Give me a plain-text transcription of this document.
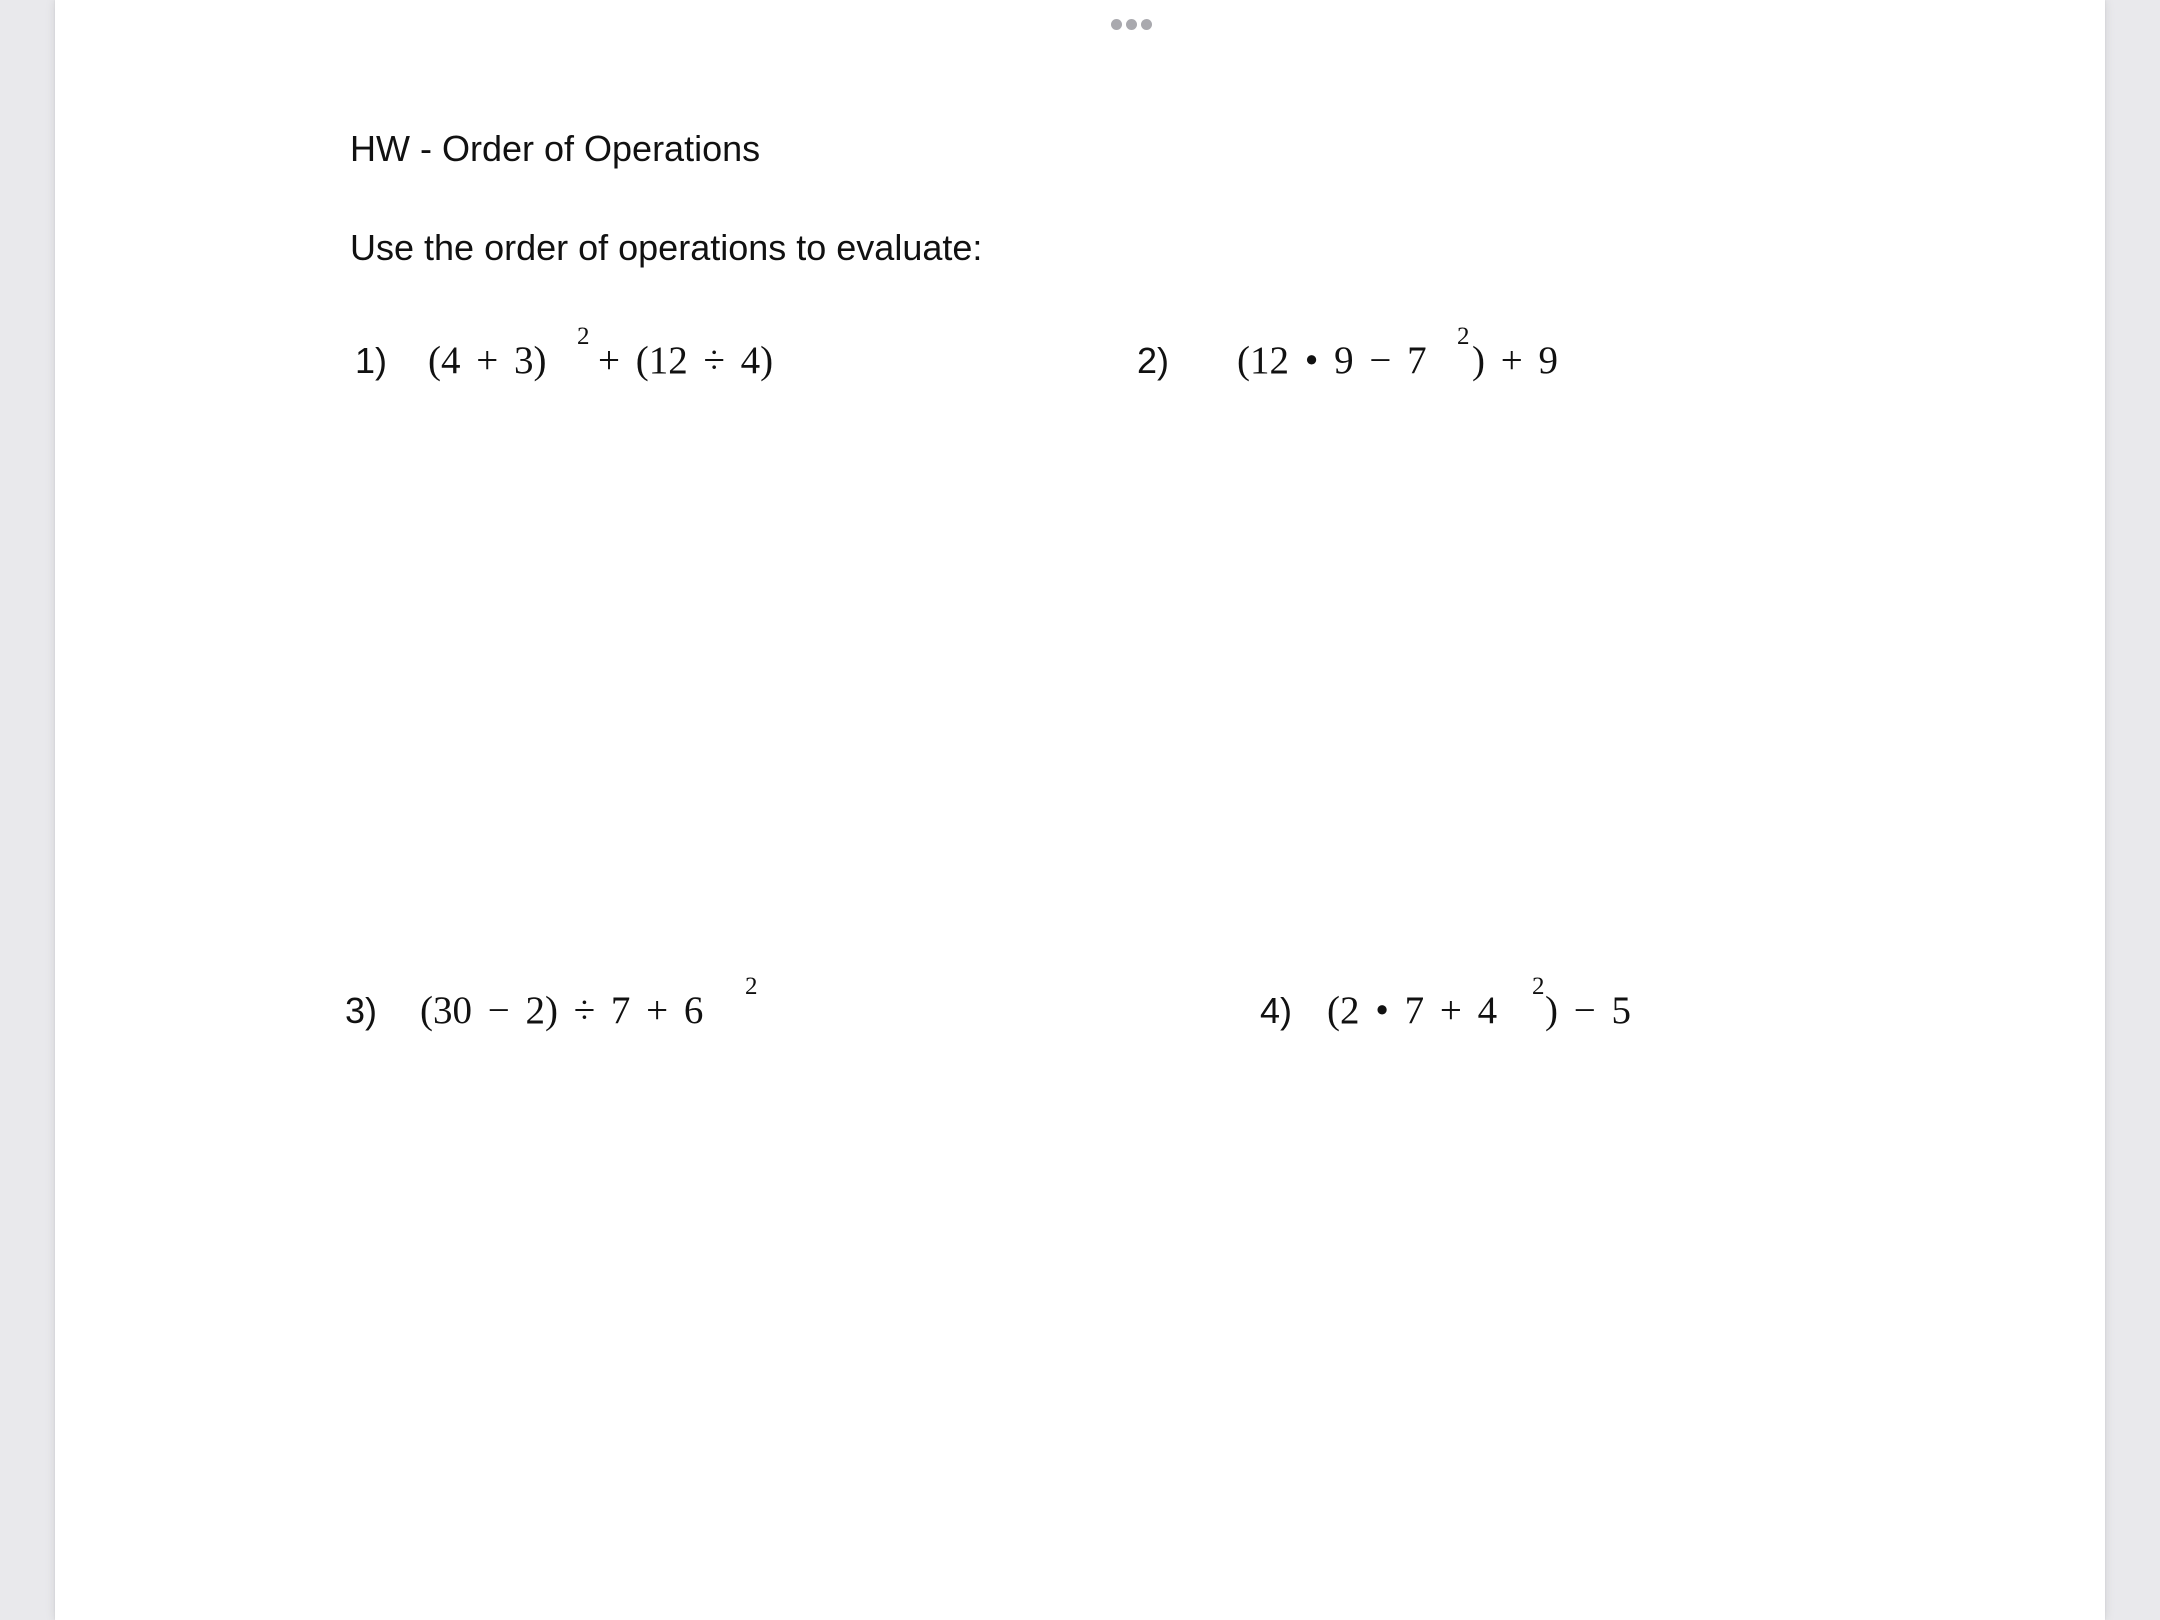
HW - Order of Operations
Use the order of operations to evaluate:
1) (4 + 3)
2
+ (12 ÷ 4)	2) (12 • 9 − 7
2
) + 9
3) (30 − 2) ÷ 7 + 6
2
4) (2 • 7 + 4
2
) − 5
